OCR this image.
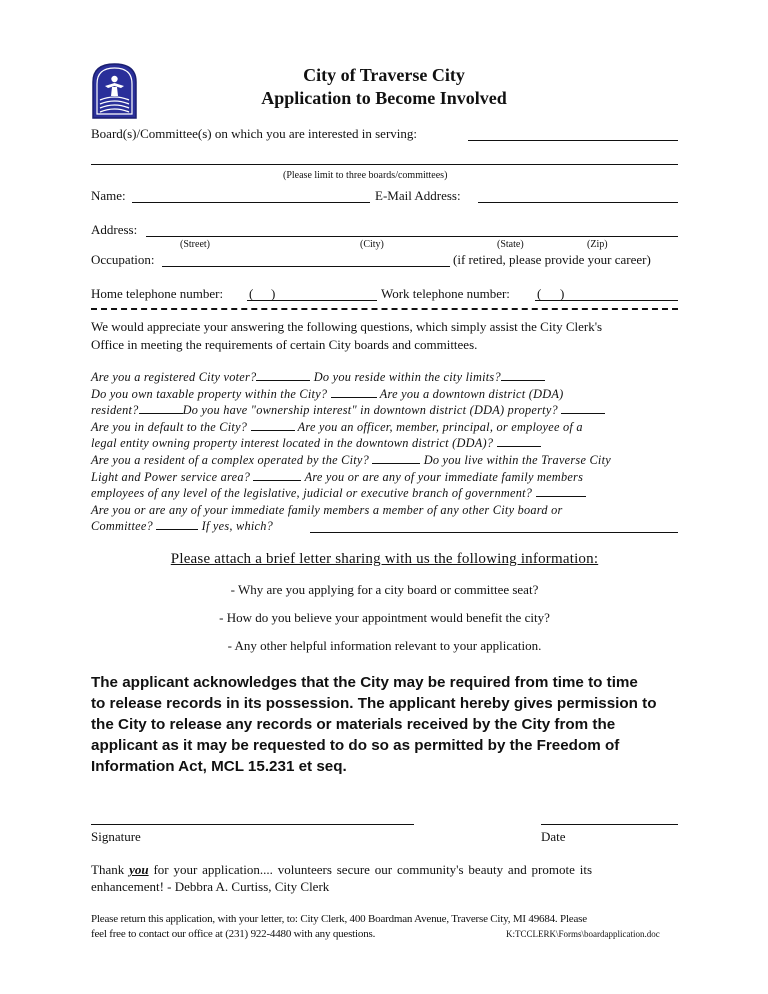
City of Traverse City
Application to Become Involved
Board(s)/Committee(s) on which you are interested in serving:
(Please limit to three boards/committees)
Name:	E-Mail Address:
Address:
(Street)	(City)	(State)	(Zip)
Occupation:	(if retired, please provide your career)
Home telephone number: ( )	Work telephone number: ( )
We would appreciate your answering the following questions, which simply assist the City Clerk's
Office in meeting the requirements of certain City boards and committees.
Are you a registered City voter?	Do you reside within the city limits?
Do you own taxable property within the City?	Are you a downtown district (DDA)
resident?	Do you have "ownership interest" in downtown district (DDA) property?
Are you in default to the City?	Are you an officer, member, principal, or employee of a
legal entity owning property interest located in the downtown district (DDA)?
Are you a resident of a complex operated by the City?	Do you live within the Traverse City
Light and Power service area?	Are you or are any of your immediate family members
employees of any level of the legislative, judicial or executive branch of government?
Are you or are any of your immediate family members a member of any other City board or
Committee?	If yes, which?
Please attach a brief letter sharing with us the following information:
- Why are you applying for a city board or committee seat?
- How do you believe your appointment would benefit the city?
- Any other helpful information relevant to your application.
The applicant acknowledges that the City may be required from time to time
to release records in its possession. The applicant hereby gives permission to
the City to release any records or materials received by the City from the
applicant as it may be requested to do so as permitted by the Freedom of
Information Act, MCL 15.231 et seq.
Signature	Date
Thank you for your application.... volunteers secure our community's beauty and promote its
enhancement! - Debbra A. Curtiss, City Clerk
Please return this application, with your letter, to: City Clerk, 400 Boardman Avenue, Traverse City, MI 49684. Please
feel free to contact our office at (231) 922-4480 with any questions.	K:TCCLERK\Forms\boardapplication.doc
